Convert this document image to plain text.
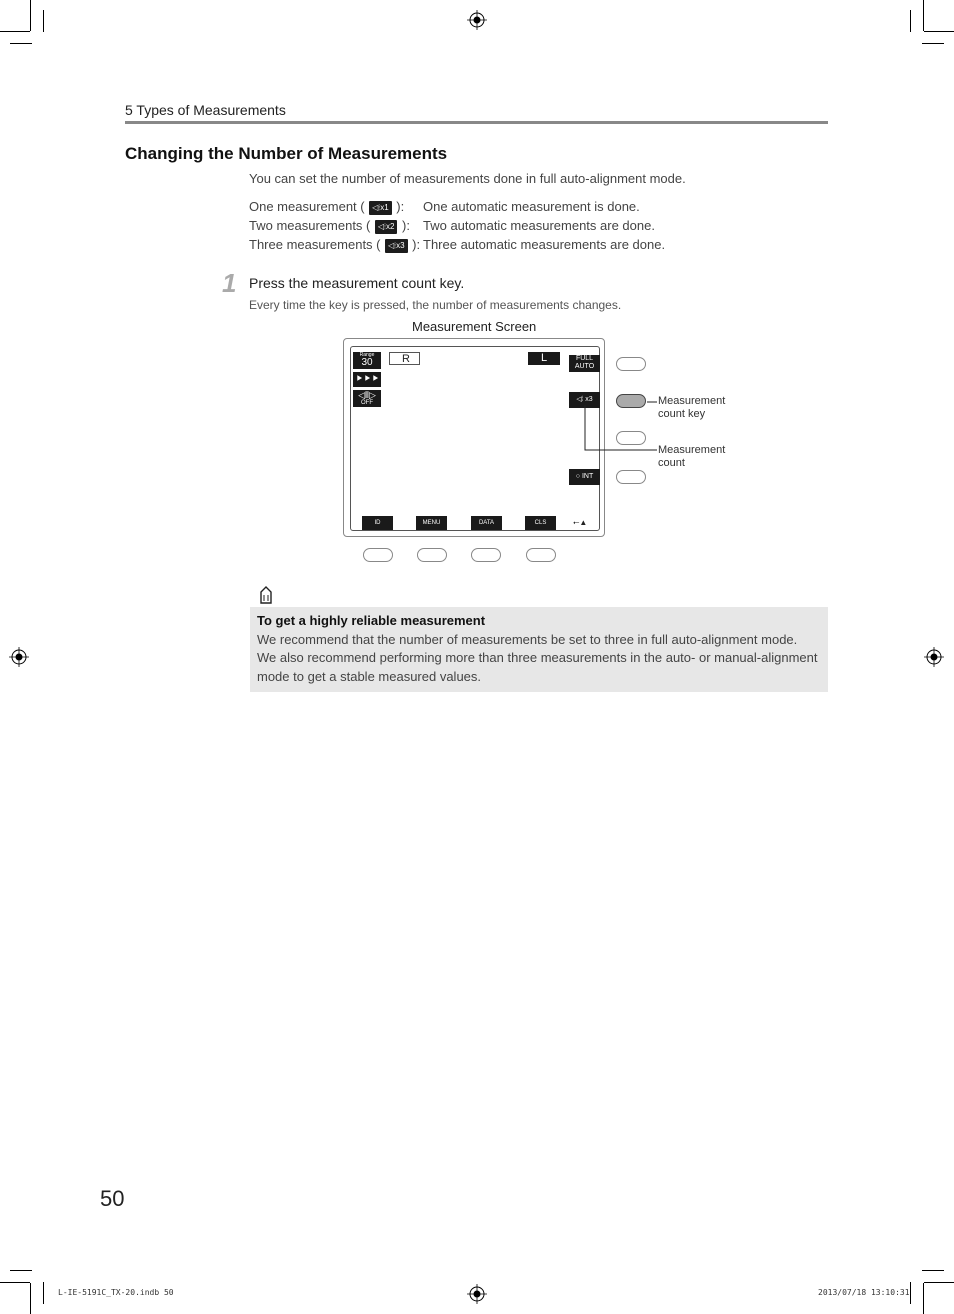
5 Types of Measurements
Changing the Number of Measurements
You can set the number of measurements done in full auto-alignment mode.
One measurement ( ◁⦙x1 ): One automatic measurement is done.
Two measurements ( ◁⦙x2 ): Two automatic measurements are done.
Three measurements ( ◁⦙x3 ): Three automatic measurements are done.
1 Press the measurement count key.
Every time the key is pressed, the number of measurements changes.
Measurement Screen
Range
30
⯈⯈⯈
◁⦀▷
OFF
R	L	FULL
AUTO
◁⦙ x3
○ INT
ID	MENU	DATA	CLS	⭠▲
Measurement
count key
Measurement
count
To get a highly reliable measurement
We recommend that the number of measurements be set to three in full auto-alignment mode.
We also recommend performing more than three measurements in the auto- or manual-alignment
mode to get a stable measured values.
50
L-IE-5191C_TX-20.indb 50	2013/07/18 13:10:31
